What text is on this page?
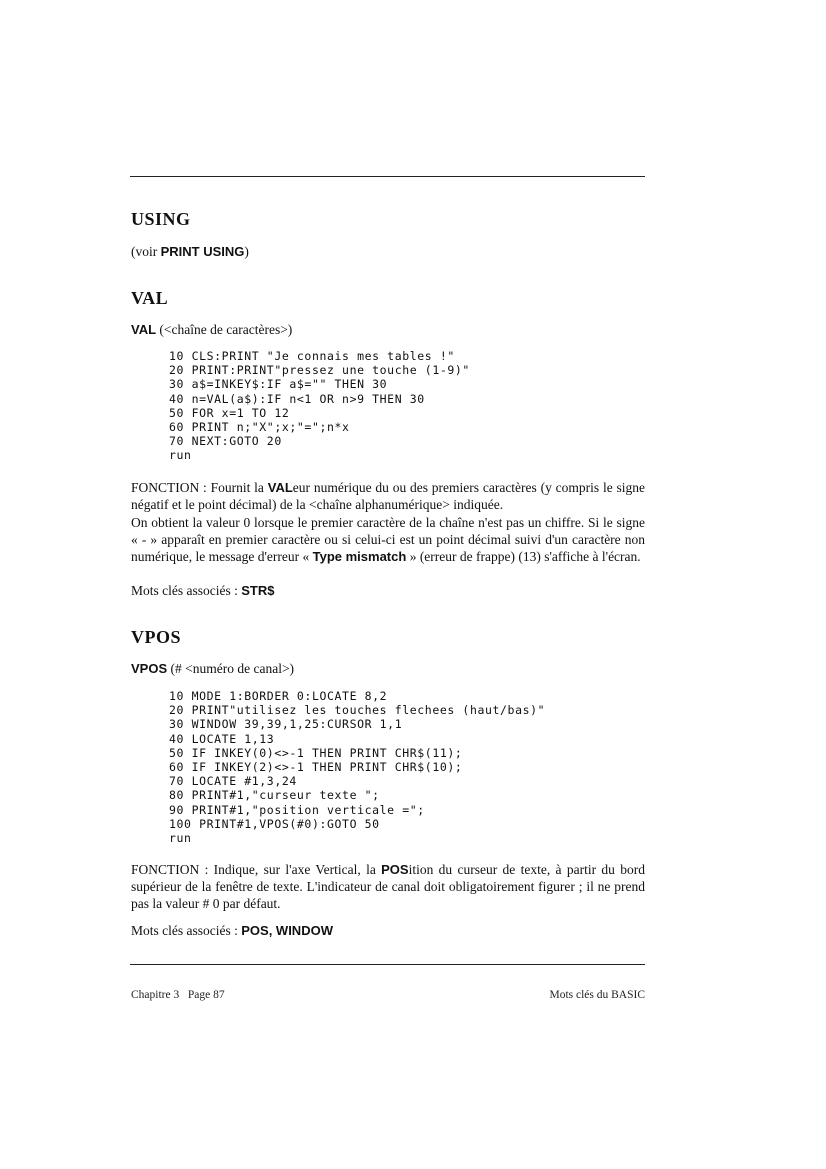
USING
(voir PRINT USING)
VAL
VAL (<chaîne de caractères>)
10 CLS:PRINT "Je connais mes tables !"
20 PRINT:PRINT"pressez une touche (1-9)"
30 a$=INKEY$:IF a$="" THEN 30
40 n=VAL(a$):IF n<1 OR n>9 THEN 30
50 FOR x=1 TO 12
60 PRINT n;"X";x;"=";n*x
70 NEXT:GOTO 20
run
FONCTION : Fournit la VALeur numérique du ou des premiers caractères (y compris le signe négatif et le point décimal) de la <chaîne alphanumérique> indiquée.
On obtient la valeur 0 lorsque le premier caractère de la chaîne n'est pas un chiffre. Si le signe « - » apparaît en premier caractère ou si celui-ci est un point décimal suivi d'un caractère non numérique, le message d'erreur « Type mismatch » (erreur de frappe) (13) s'affiche à l'écran.
Mots clés associés : STR$
VPOS
VPOS (# <numéro de canal>)
10 MODE 1:BORDER 0:LOCATE 8,2
20 PRINT"utilisez les touches flechees (haut/bas)"
30 WINDOW 39,39,1,25:CURSOR 1,1
40 LOCATE 1,13
50 IF INKEY(0)<>-1 THEN PRINT CHR$(11);
60 IF INKEY(2)<>-1 THEN PRINT CHR$(10);
70 LOCATE #1,3,24
80 PRINT#1,"curseur texte ";
90 PRINT#1,"position verticale =";
100 PRINT#1,VPOS(#0):GOTO 50
run
FONCTION : Indique, sur l'axe Vertical, la POSition du curseur de texte, à partir du bord supérieur de la fenêtre de texte. L'indicateur de canal doit obligatoirement figurer ; il ne prend pas la valeur # 0 par défaut.
Mots clés associés : POS, WINDOW
Chapitre 3   Page 87	Mots clés du BASIC
